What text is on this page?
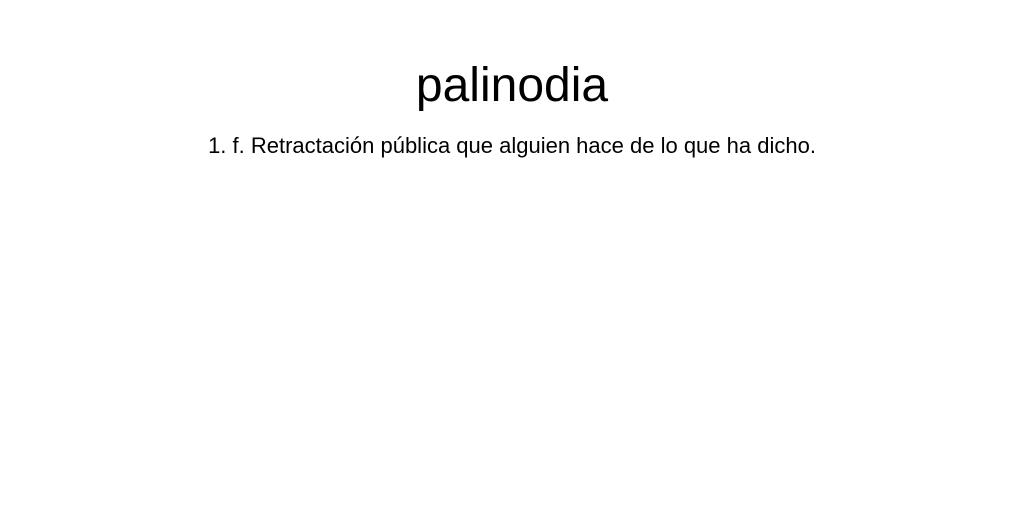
palinodia

1. f. Retractación pública que alguien hace de lo que ha dicho.
